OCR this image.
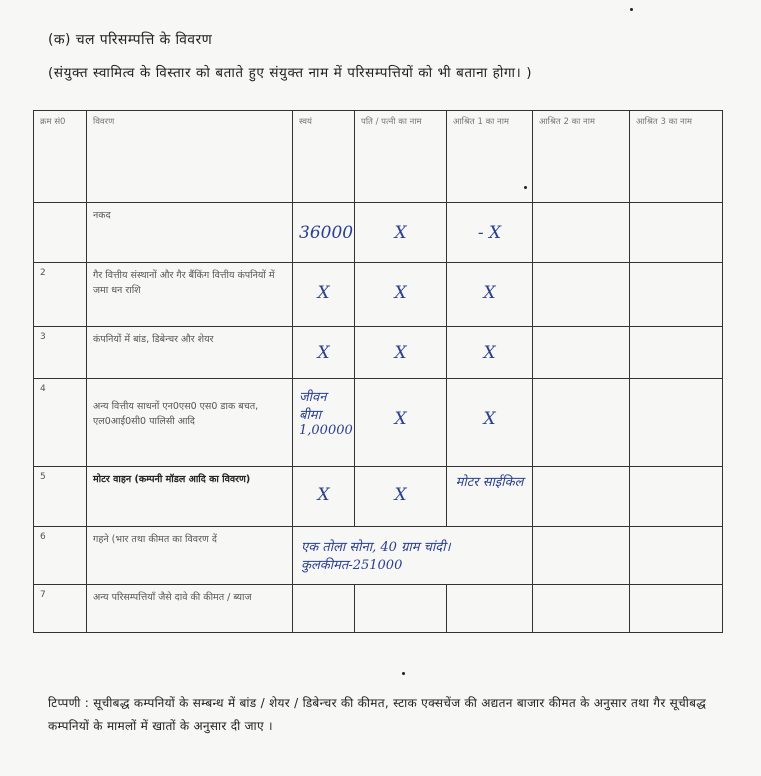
(क) चल परिसम्पत्ति के विवरण
(संयुक्त स्वामित्व के विस्तार को बताते हुए संयुक्त नाम में परिसम्पत्तियों को भी बताना होगा। )
क्रम सं0	विवरण	स्वयं	पति / पत्नी का नाम	आश्रित 1 का नाम	आश्रित 2 का नाम	आश्रित 3 का नाम
	नकद	36000	X	- X		
2	गैर वित्तीय संस्थानों और गैर बैंकिंग वित्तीय कंपनियों में जमा धन राशि	X	X	X		
3	कंपनियों में बांड, डिबेन्चर और शेयर	X	X	X		
4	अन्य वित्तीय साधनों एन0एस0 एस0 डाक बचत, एल0आई0सी0 पालिसी आदि	जीवन बीमा 1,00000	X	X		
5	मोटर वाहन (कम्पनी मॉडल आदि का विवरण)	X	X	मोटर साईकिल		
6	गहने (भार तथा कीमत का विवरण दें	एक तोला सोना, 40 ग्राम चांदी। कुलकीमत-251000				
7	अन्य परिसम्पत्तियाँ जैसे दावे की कीमत / ब्याज					
टिप्पणी : सूचीबद्ध कम्पनियों के सम्बन्ध में बांड / शेयर / डिबेन्चर की कीमत, स्टाक एक्सचेंज की अद्यतन बाजार कीमत के अनुसार तथा गैर सूचीबद्ध कम्पनियों के मामलों में खातों के अनुसार दी जाए ।
